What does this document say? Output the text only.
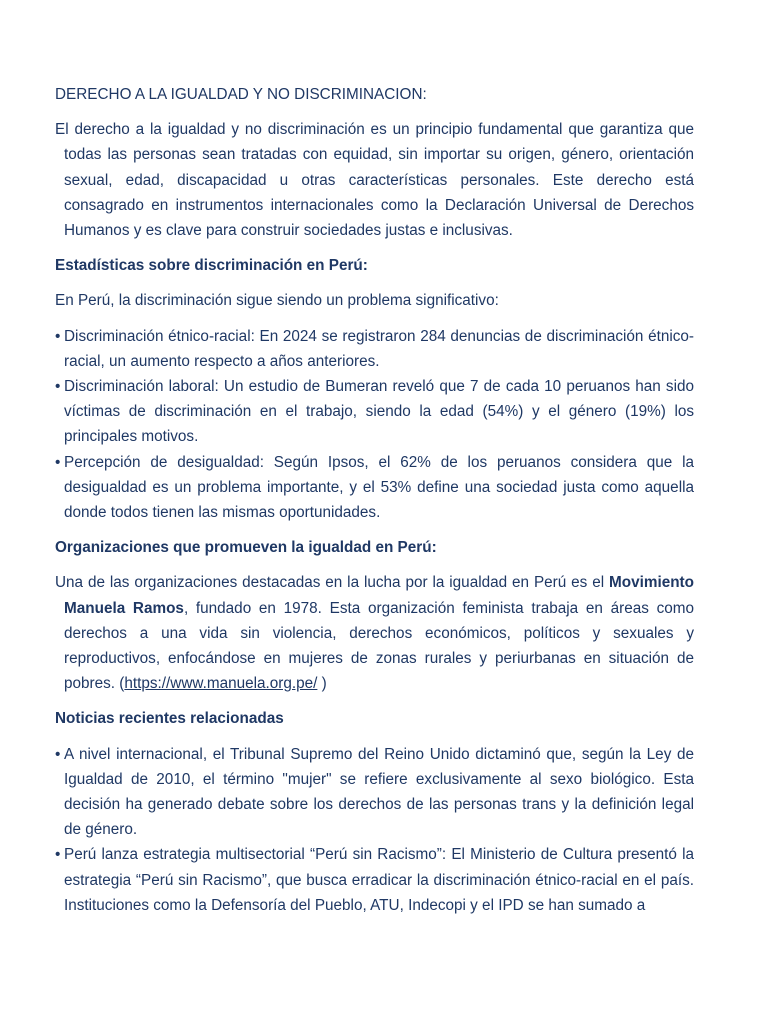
DERECHO A LA IGUALDAD Y NO DISCRIMINACION:

El derecho a la igualdad y no discriminación es un principio fundamental que garantiza que todas las personas sean tratadas con equidad, sin importar su origen, género, orientación sexual, edad, discapacidad u otras características personales. Este derecho está consagrado en instrumentos internacionales como la Declaración Universal de Derechos Humanos y es clave para construir sociedades justas e inclusivas.

Estadísticas sobre discriminación en Perú:

En Perú, la discriminación sigue siendo un problema significativo:

• Discriminación étnico-racial: En 2024 se registraron 284 denuncias de discriminación étnico-racial, un aumento respecto a años anteriores.
• Discriminación laboral: Un estudio de Bumeran reveló que 7 de cada 10 peruanos han sido víctimas de discriminación en el trabajo, siendo la edad (54%) y el género (19%) los principales motivos.
• Percepción de desigualdad: Según Ipsos, el 62% de los peruanos considera que la desigualdad es un problema importante, y el 53% define una sociedad justa como aquella donde todos tienen las mismas oportunidades.

Organizaciones que promueven la igualdad en Perú:

Una de las organizaciones destacadas en la lucha por la igualdad en Perú es el Movimiento Manuela Ramos, fundado en 1978. Esta organización feminista trabaja en áreas como derechos a una vida sin violencia, derechos económicos, políticos y sexuales y reproductivos, enfocándose en mujeres de zonas rurales y periurbanas en situación de pobres. (https://www.manuela.org.pe/ )

Noticias recientes relacionadas

• A nivel internacional, el Tribunal Supremo del Reino Unido dictaminó que, según la Ley de Igualdad de 2010, el término "mujer" se refiere exclusivamente al sexo biológico. Esta decisión ha generado debate sobre los derechos de las personas trans y la definición legal de género.
• Perú lanza estrategia multisectorial “Perú sin Racismo”: El Ministerio de Cultura presentó la estrategia “Perú sin Racismo”, que busca erradicar la discriminación étnico-racial en el país. Instituciones como la Defensoría del Pueblo, ATU, Indecopi y el IPD se han sumado a
